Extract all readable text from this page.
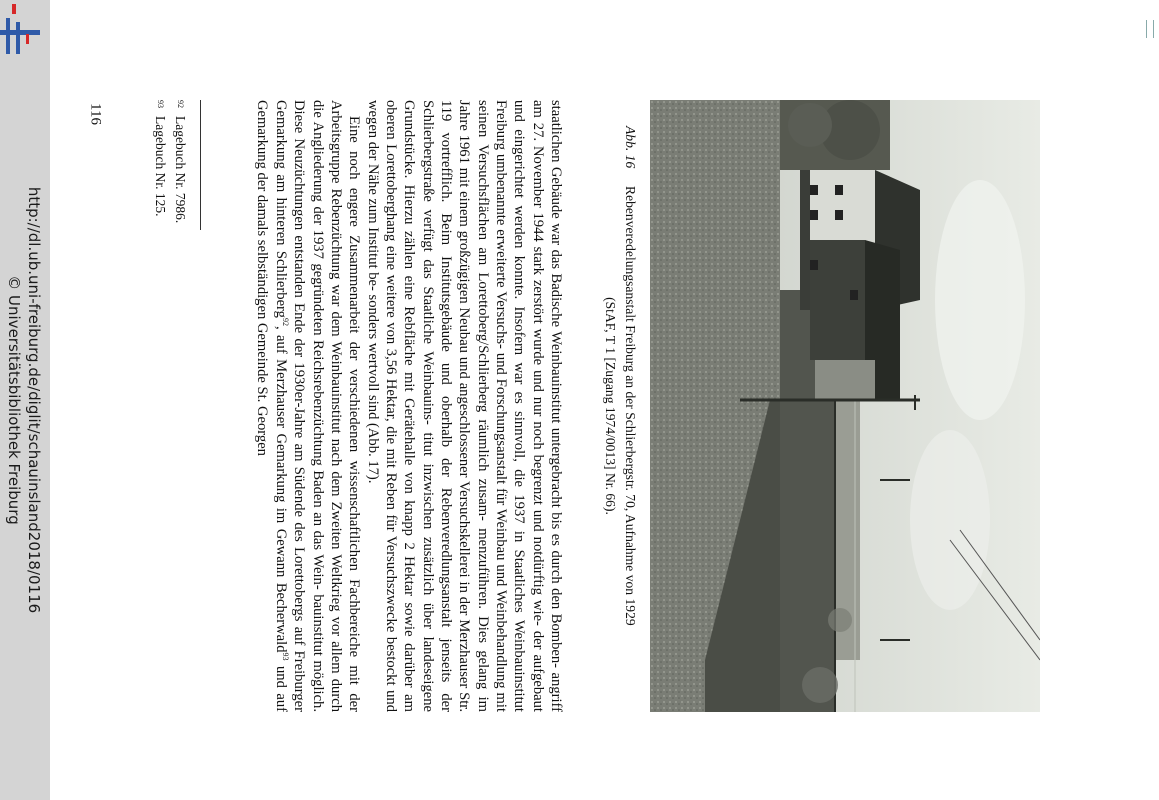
http://dl.ub.uni-freiburg.de/diglit/schauinsland2018/0116
© Universitätsbibliothek Freiburg
116	$^{93}$Lagebuch Nr. 125.
$^{92}$Lagebuch Nr. 7986.	staatlichen Gebäude war das Badische Weinbauinstitut untergebracht bis es durch den Bomben- angriff am 27. November 1944 stark zerstört wurde und nur noch begrenzt und notdürftig wie- der aufgebaut und eingerichtet werden konnte. Insofern war es sinnvoll, die 1937 in Staatliches Weinbauinstitut Freiburg umbenannte erweiterte Versuchs- und Forschungsanstalt für Weinbau und Weinbehandlung mit seinen Versuchsflächen am Lorettoberg/Schlierberg räumlich zusam- menzuführen. Dies gelang im Jahre 1961 mit einem großzügigen Neubau und angeschlossener Versuchskellerei in der Merzhauser Str. 119 vortrefflich. Beim Institutsgebäude und oberhalb der Rebenveredlungsanstalt jenseits der Schlierbergstraße verfügt das Staatliche Weinbauins- titut inzwischen zusätzlich über landeseigene Grundstücke. Hierzu zählen eine Rebfläche mit Gerätehalle von knapp 2 Hektar sowie darüber am oberen Lorettoberghang eine weitere von 3,56 Hektar, die mit Reben für Versuchszwecke bestockt und wegen der Nähe zum Institut be- sonders wertvoll sind (Abb. 17).

Eine noch engere Zusammenarbeit der verschiedenen wissenschaftlichen Fachbereiche mit der Arbeitsgruppe Rebenzüchtung war dem Weinbauinstitut nach dem Zweiten Weltkrieg vor allem durch die Angliederung der 1937 gegründeten Reichsrebenzüchtung Baden an das Wein- bauinstitut möglich. Diese Neuzüchtungen entstanden Ende der 1930er-Jahre am Südende des Lorettobergs auf Freiburger Gemarkung am hinteren Schlierberg$^{92}$, auf Merzhauser Gemarkung im Gewann Becherwald$^{93}$ und auf Gemarkung der damals selbständigen Gemeinde St. Georgen	Abb. 16
Rebenveredelungsanstalt Freiburg an der Schlierbergstr. 70, Aufnahme von 1929
(StAF, T 1 [Zugang 1974/0013] Nr. 66).
